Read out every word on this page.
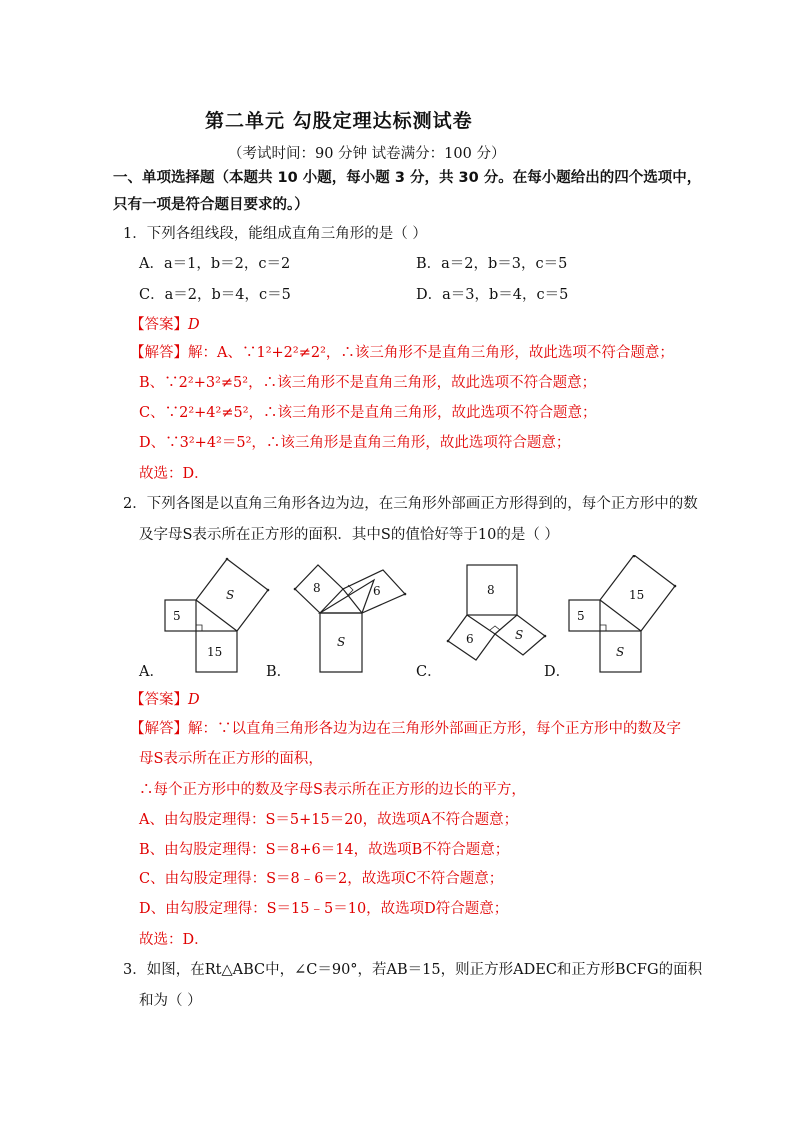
第二单元 勾股定理达标测试卷
（考试时间：90 分钟 试卷满分：100 分）
一、单项选择题（本题共 10 小题，每小题 3 分，共 30 分。在每小题给出的四个选项中，
只有一项是符合题目要求的。）
1．下列各组线段，能组成直角三角形的是（ ）
A．a＝1，b＝2，c＝2	B．a＝2，b＝3，c＝5
C．a＝2，b＝4，c＝5	D．a＝3，b＝4，c＝5
【答案】D
【解答】解：A、∵1²+2²≠2²，∴该三角形不是直角三角形，故此选项不符合题意；
B、∵2²+3²≠5²，∴该三角形不是直角三角形，故此选项不符合题意；
C、∵2²+4²≠5²，∴该三角形不是直角三角形，故此选项不符合题意；
D、∵3²+4²＝5²，∴该三角形是直角三角形，故此选项符合题意；
故选：D．
2．下列各图是以直角三角形各边为边，在三角形外部画正方形得到的，每个正方形中的数
及字母S表示所在正方形的面积．其中S的值恰好等于10的是（ ）
5
15
S
A．
8	6
S
B．
8
6	S
C．
5
15
S
D．
【答案】D
【解答】解：∵以直角三角形各边为边在三角形外部画正方形，每个正方形中的数及字
母S表示所在正方形的面积，
∴每个正方形中的数及字母S表示所在正方形的边长的平方，
A、由勾股定理得：S＝5+15＝20，故选项A不符合题意；
B、由勾股定理得：S＝8+6＝14，故选项B不符合题意；
C、由勾股定理得：S＝8﹣6＝2，故选项C不符合题意；
D、由勾股定理得：S＝15﹣5＝10，故选项D符合题意；
故选：D．
3．如图，在Rt△ABC中，∠C＝90°，若AB＝15，则正方形ADEC和正方形BCFG的面积
和为（ ）
